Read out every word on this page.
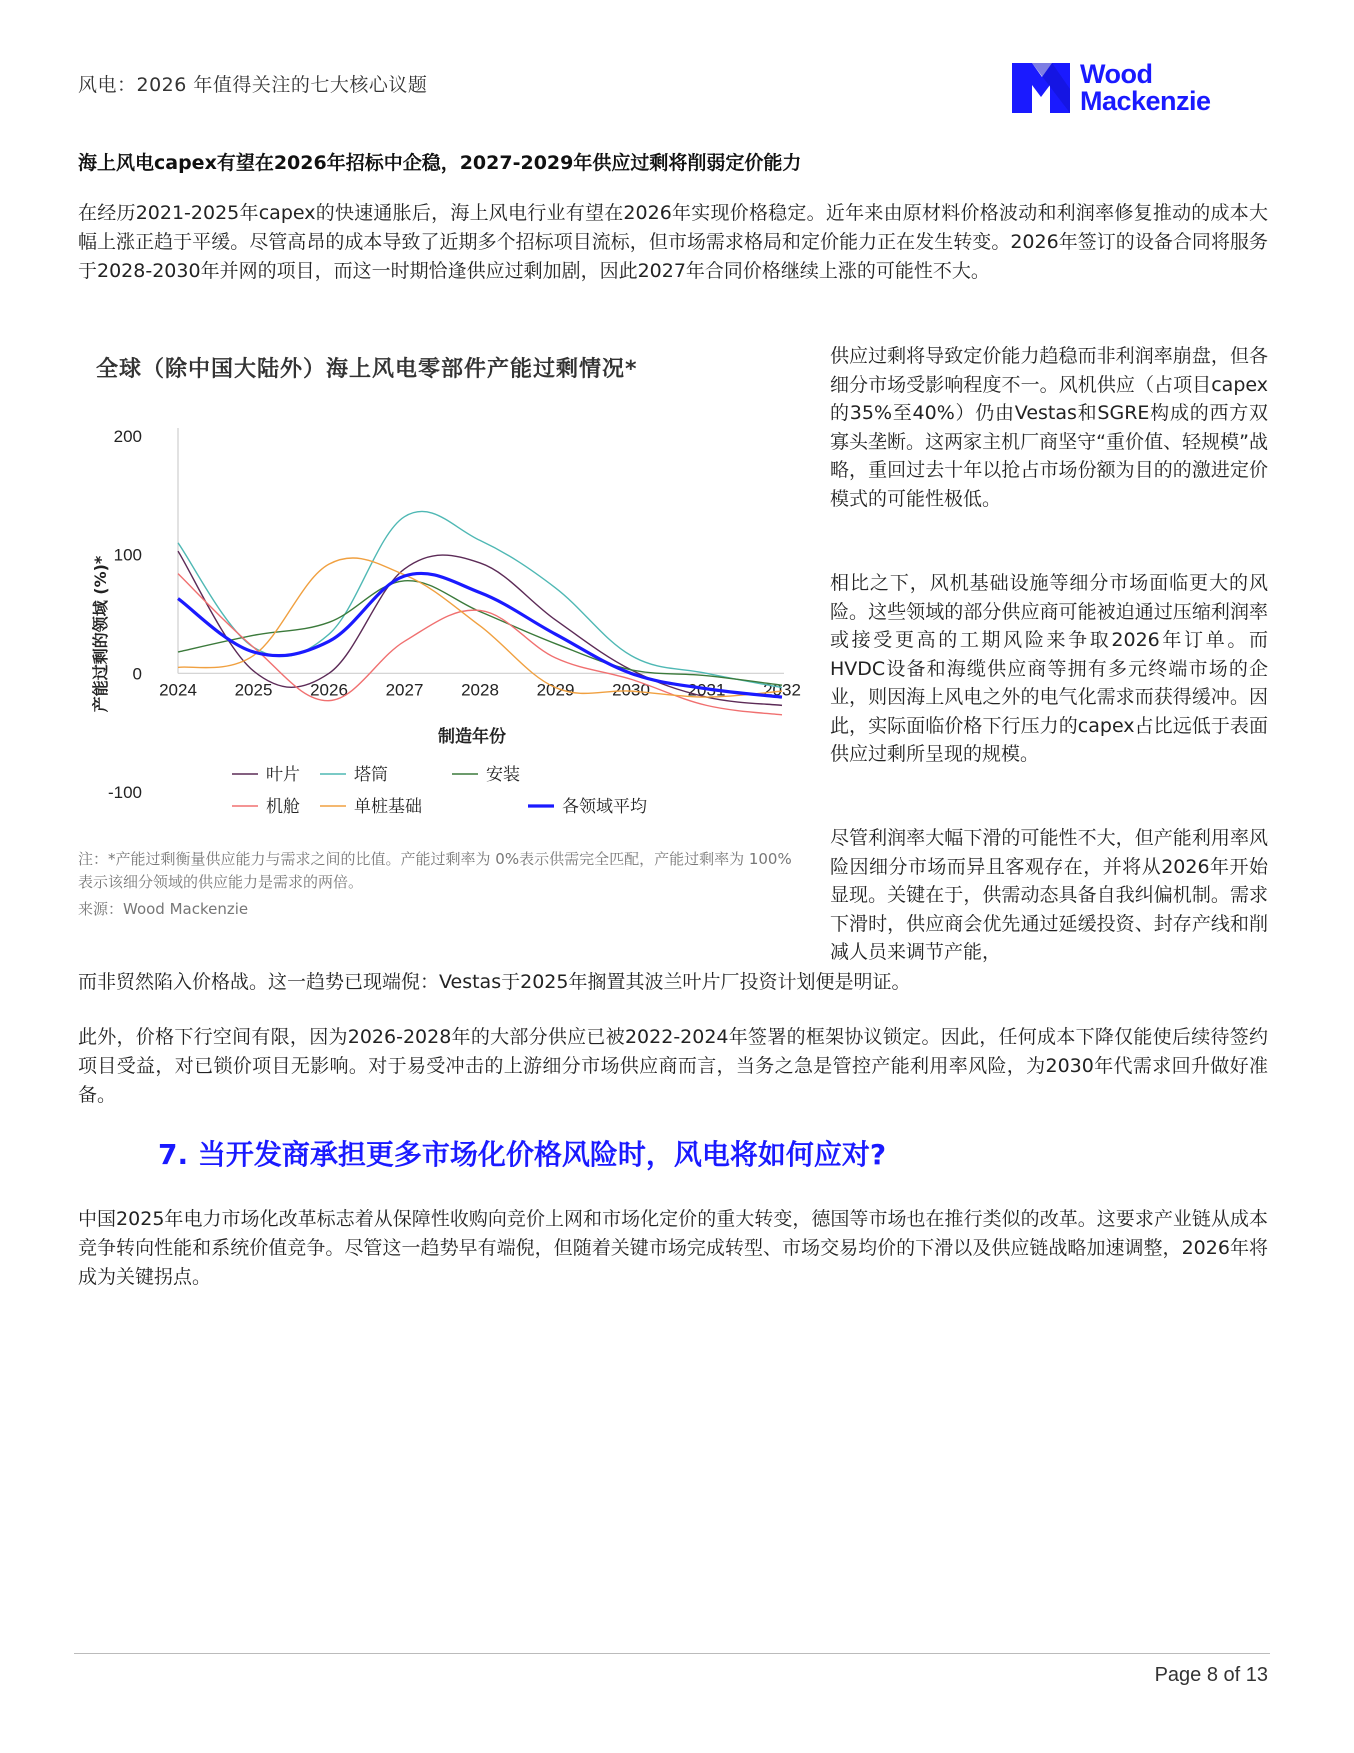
风电：2026 年值得关注的七大核心议题	Wood
Mackenzie
海上风电capex有望在2026年招标中企稳，2027-2029年供应过剩将削弱定价能力
在经历2021-2025年capex的快速通胀后，海上风电行业有望在2026年实现价格稳定。近年来由原材料价格波动和利润率修复推动的成本大幅上涨正趋于平缓。尽管高昂的成本导致了近期多个招标项目流标，但市场需求格局和定价能力正在发生转变。2026年签订的设备合同将服务于2028-2030年并网的项目，而这一时期恰逢供应过剩加剧，因此2027年合同价格继续上涨的可能性不大。
全球（除中国大陆外）海上风电零部件产能过剩情况*
200
100
0
-100
2024 2025 2026 2027 2028 2029 2030 2031 2032
产能过剩的领域 (%)*
制造年份
叶片	塔筒	安装
机舱	单桩基础	各领域平均
注：*产能过剩衡量供应能力与需求之间的比值。产能过剩率为 0%表示供需完全匹配，产能过剩率为 100%表示该细分领域的供应能力是需求的两倍。
来源：Wood Mackenzie
供应过剩将导致定价能力趋稳而非利润率崩盘，但各细分市场受影响程度不一。风机供应（占项目capex的35%至40%）仍由Vestas和SGRE构成的西方双寡头垄断。这两家主机厂商坚守“重价值、轻规模”战略，重回过去十年以抢占市场份额为目的的激进定价模式的可能性极低。
相比之下，风机基础设施等细分市场面临更大的风险。这些领域的部分供应商可能被迫通过压缩利润率或接受更高的工期风险来争取2026年订单。而HVDC设备和海缆供应商等拥有多元终端市场的企业，则因海上风电之外的电气化需求而获得缓冲。因此，实际面临价格下行压力的capex占比远低于表面供应过剩所呈现的规模。
尽管利润率大幅下滑的可能性不大，但产能利用率风险因细分市场而异且客观存在，并将从2026年开始显现。关键在于，供需动态具备自我纠偏机制。需求下滑时，供应商会优先通过延缓投资、封存产线和削减人员来调节产能，
而非贸然陷入价格战。这一趋势已现端倪：Vestas于2025年搁置其波兰叶片厂投资计划便是明证。
此外，价格下行空间有限，因为2026-2028年的大部分供应已被2022-2024年签署的框架协议锁定。因此，任何成本下降仅能使后续待签约项目受益，对已锁价项目无影响。对于易受冲击的上游细分市场供应商而言，当务之急是管控产能利用率风险，为2030年代需求回升做好准备。
7. 当开发商承担更多市场化价格风险时，风电将如何应对?
中国2025年电力市场化改革标志着从保障性收购向竞价上网和市场化定价的重大转变，德国等市场也在推行类似的改革。这要求产业链从成本竞争转向性能和系统价值竞争。尽管这一趋势早有端倪，但随着关键市场完成转型、市场交易均价的下滑以及供应链战略加速调整，2026年将成为关键拐点。
Page 8 of 13
